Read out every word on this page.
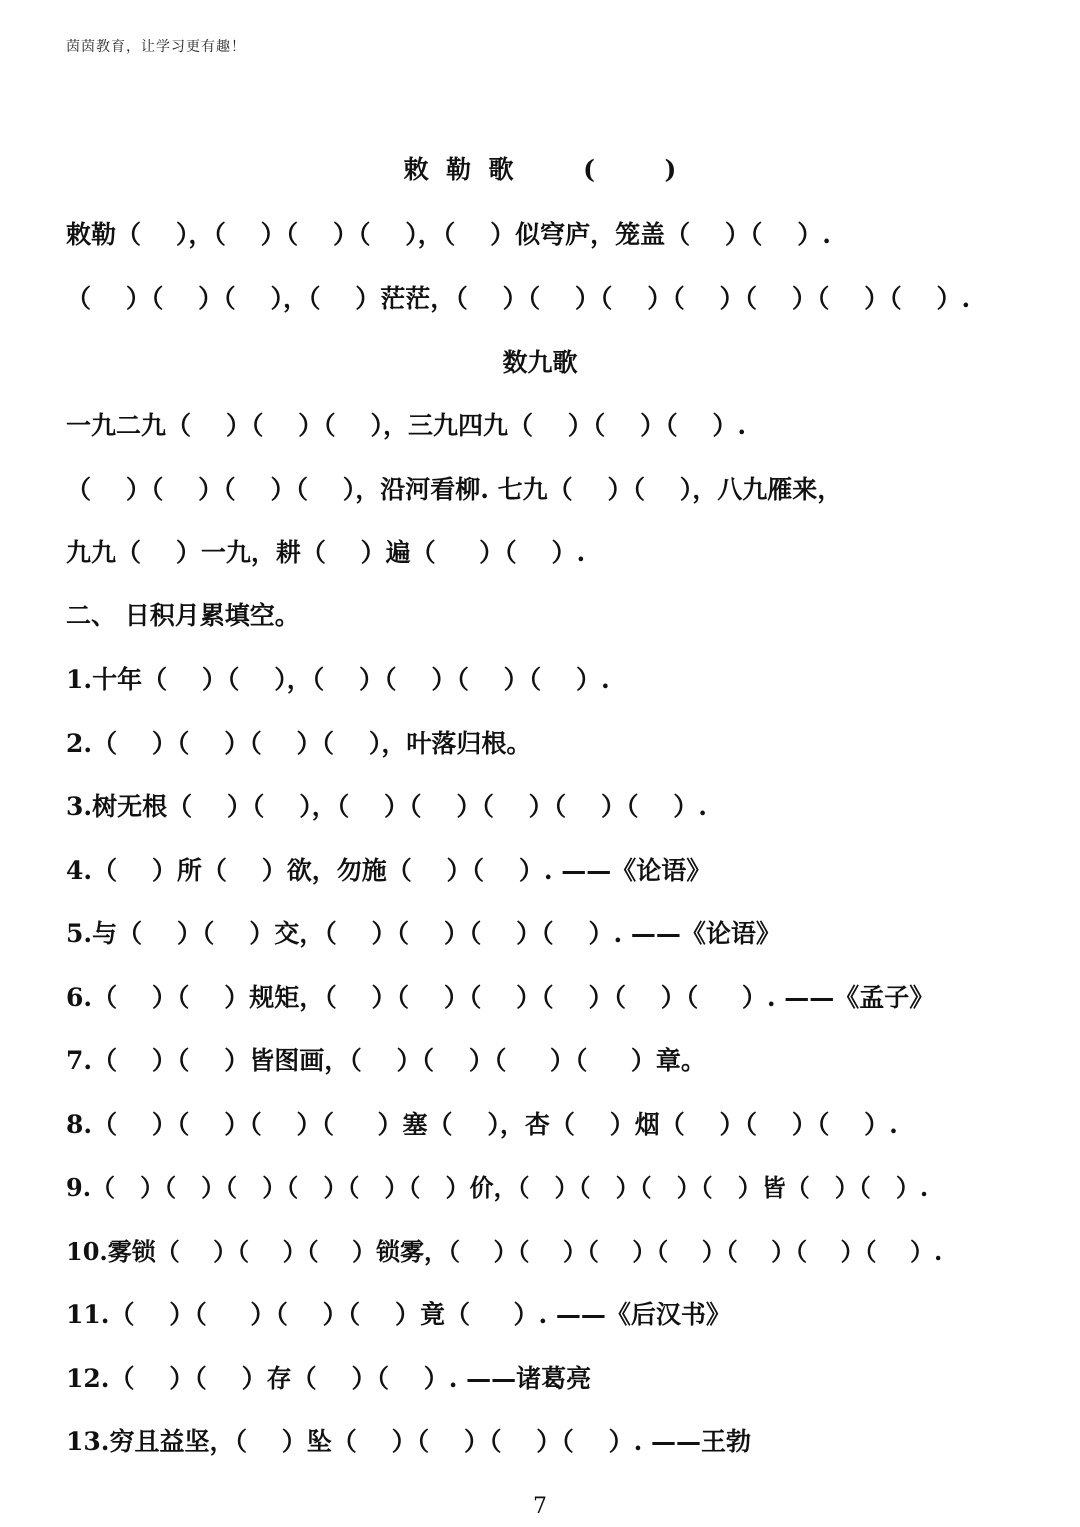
茵茵教育，让学习更有趣！
敕  勒  歌        (        )
敕勒（    ），（    ）（    ）（    ），（    ）似穹庐，笼盖（    ）（    ）.
（    ）（    ）（    ），（    ）茫茫，（    ）（    ）（    ）（    ）（    ）（    ）（    ）.
数九歌
一九二九（    ）（    ）（    ），三九四九（    ）（    ）（    ）.
（    ）（    ）（    ）（    ），沿河看柳. 七九（    ）（    ），八九雁来，
九九（    ）一九，耕（    ）遍（     ）（    ）.
二、 日积月累填空。
1.十年（    ）（    ），（    ）（    ）（    ）（    ）.
2.（    ）（    ）（    ）（    ），叶落归根。
3.树无根（    ）（    ），（    ）（    ）（    ）（    ）（    ）.
4.（    ）所（    ）欲，勿施（    ）（    ）. ——《论语》
5.与（    ）（    ）交，（    ）（    ）（    ）（    ）. ——《论语》
6.（    ）（    ）规矩，（    ）（    ）（    ）（    ）（    ）（     ）. ——《孟子》
7.（    ）（    ）皆图画，（    ）（    ）（     ）（     ）章。
8.（    ）（    ）（    ）（     ）塞（    ），杏（    ）烟（    ）（    ）（    ）.
9.（   ）（   ）（   ）（   ）（   ）（   ）价，（   ）（   ）（   ）（   ）皆（   ）（   ）.
10.雾锁（    ）（    ）（    ）锁雾，（    ）（    ）（    ）（    ）（    ）（    ）（    ）.
11.（    ）（     ）（    ）（    ）竟（     ）. ——《后汉书》
12.（    ）（    ）存（    ）（    ）. ——诸葛亮
13.穷且益坚，（    ）坠（    ）（    ）（    ）（    ）. ——王勃
7
